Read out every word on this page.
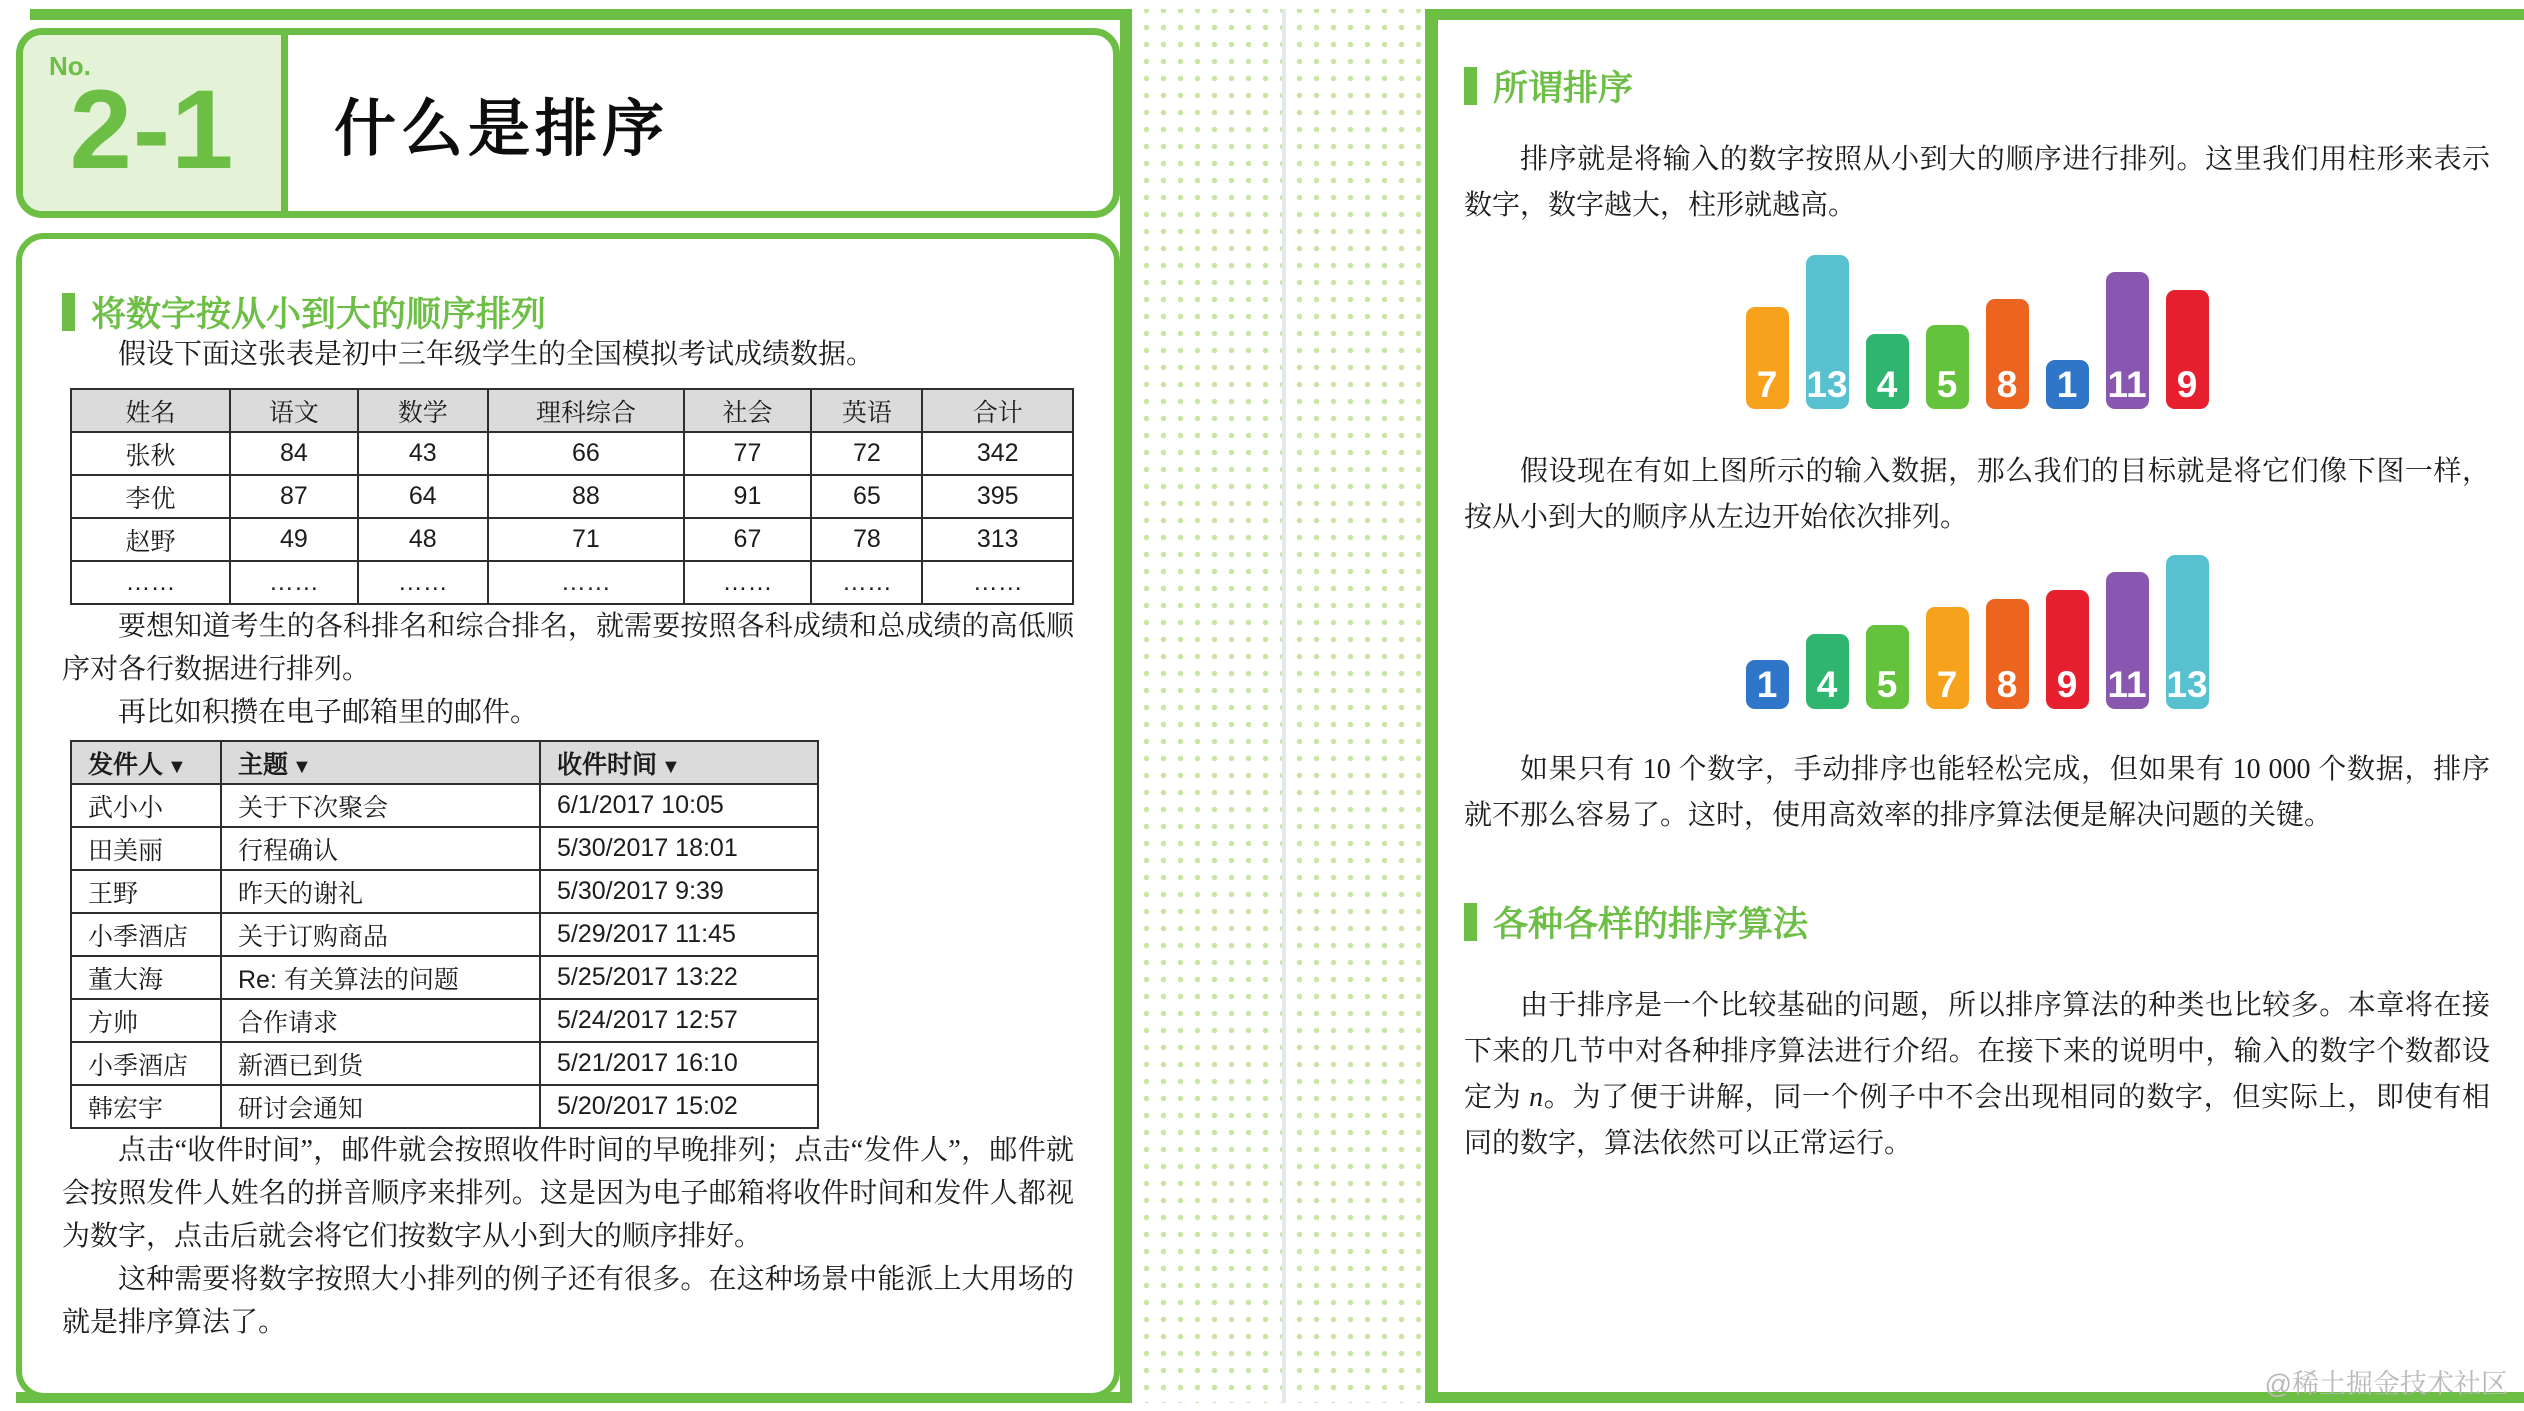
No.
2-1	什么是排序
将数字按从小到大的顺序排列

假设下面这张表是初中三年级学生的全国模拟考试成绩数据。

姓名	语文	数学	理科综合	社会	英语	合计
张秋	84	43	66	77	72	342
李优	87	64	88	91	65	395
赵野	49	48	71	67	78	313
……	……	……	……	……	……	……

要想知道考生的各科排名和综合排名，就需要按照各科成绩和总成绩的高低顺序对各行数据进行排列。

再比如积攒在电子邮箱里的邮件。

发件人 ▼	主题 ▼	收件时间 ▼
武小小	关于下次聚会	6/1/2017 10:05
田美丽	行程确认	5/30/2017 18:01
王野	昨天的谢礼	5/30/2017 9:39
小季酒店	关于订购商品	5/29/2017 11:45
董大海	Re: 有关算法的问题	5/25/2017 13:22
方帅	合作请求	5/24/2017 12:57
小季酒店	新酒已到货	5/21/2017 16:10
韩宏宇	研讨会通知	5/20/2017 15:02

点击“收件时间”，邮件就会按照收件时间的早晚排列；点击“发件人”，邮件就会按照发件人姓名的拼音顺序来排列。这是因为电子邮箱将收件时间和发件人都视为数字，点击后就会将它们按数字从小到大的顺序排好。

这种需要将数字按照大小排列的例子还有很多。在这种场景中能派上大用场的就是排序算法了。

所谓排序

排序就是将输入的数字按照从小到大的顺序进行排列。这里我们用柱形来表示数字，数字越大，柱形就越高。

7 13 4 5 8 1 11 9

假设现在有如上图所示的输入数据，那么我们的目标就是将它们像下图一样，按从小到大的顺序从左边开始依次排列。

1 4 5 7 8 9 11 13

如果只有 10 个数字，手动排序也能轻松完成，但如果有 10 000 个数据，排序就不那么容易了。这时，使用高效率的排序算法便是解决问题的关键。

各种各样的排序算法

由于排序是一个比较基础的问题，所以排序算法的种类也比较多。本章将在接下来的几节中对各种排序算法进行介绍。在接下来的说明中，输入的数字个数都设定为 n。为了便于讲解，同一个例子中不会出现相同的数字，但实际上，即使有相同的数字，算法依然可以正常运行。

@稀土掘金技术社区
